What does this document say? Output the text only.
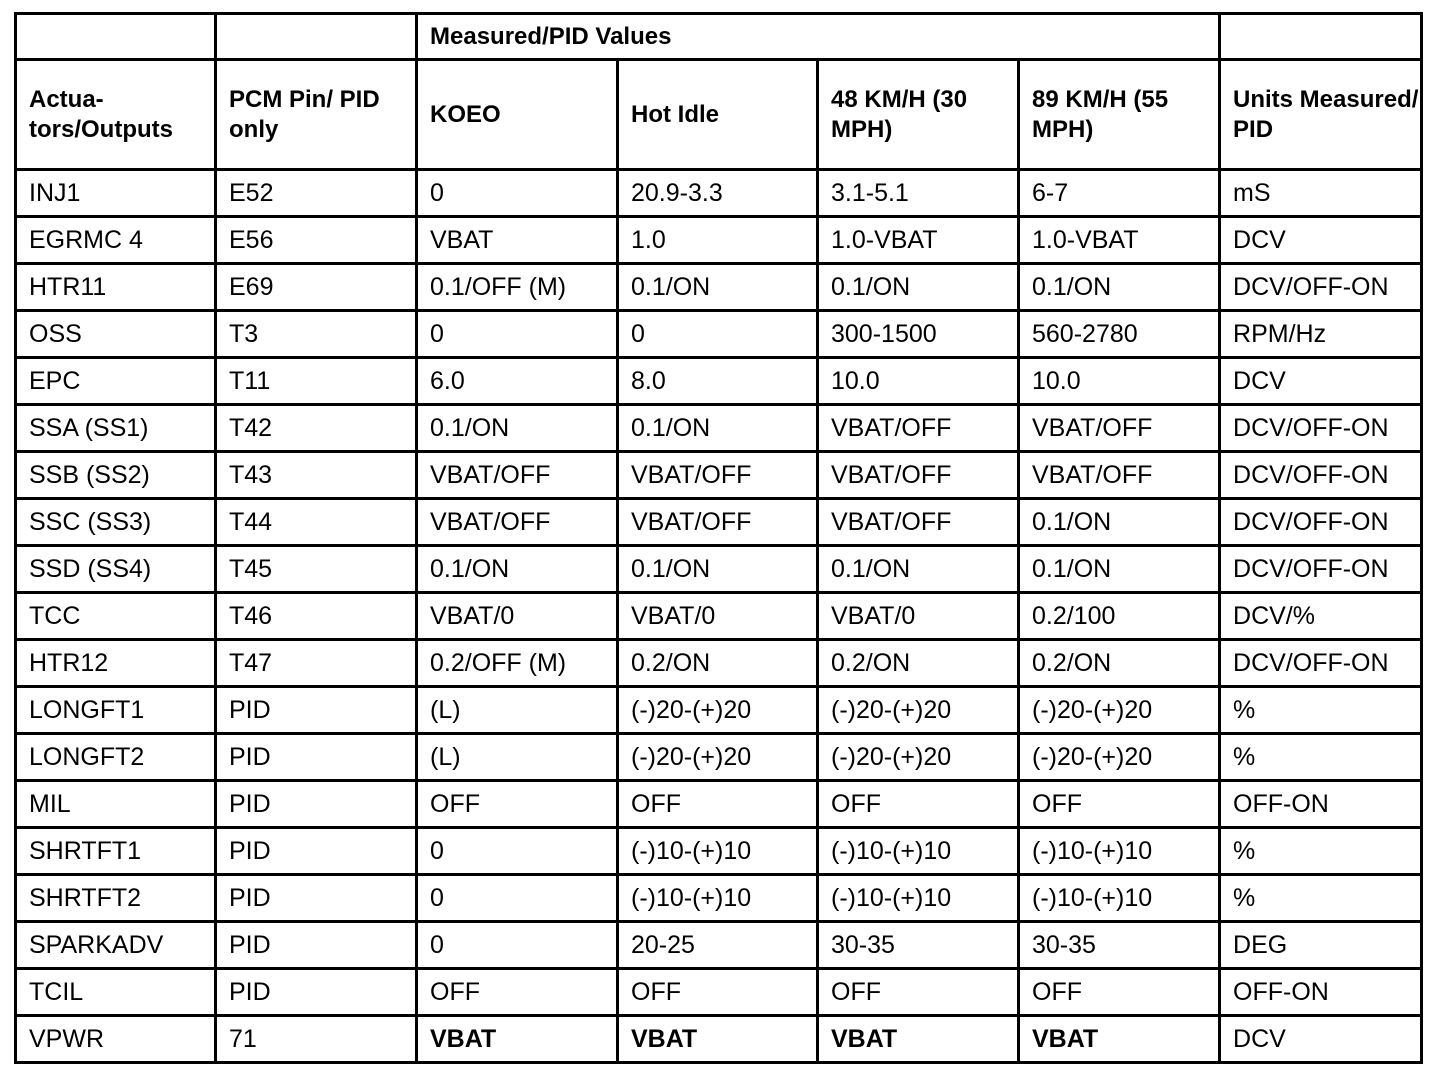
		Measured/PID Values				
Actua-
tors/Outputs	PCM Pin/ PID only	KOEO	Hot Idle	48 KM/H (30 MPH)	89 KM/H (55 MPH)	Units Measured/ PID
INJ1	E52	0	20.9-3.3	3.1-5.1	6-7	mS
EGRMC 4	E56	VBAT	1.0	1.0-VBAT	1.0-VBAT	DCV
HTR11	E69	0.1/OFF (M)	0.1/ON	0.1/ON	0.1/ON	DCV/OFF-ON
OSS	T3	0	0	300-1500	560-2780	RPM/Hz
EPC	T11	6.0	8.0	10.0	10.0	DCV
SSA (SS1)	T42	0.1/ON	0.1/ON	VBAT/OFF	VBAT/OFF	DCV/OFF-ON
SSB (SS2)	T43	VBAT/OFF	VBAT/OFF	VBAT/OFF	VBAT/OFF	DCV/OFF-ON
SSC (SS3)	T44	VBAT/OFF	VBAT/OFF	VBAT/OFF	0.1/ON	DCV/OFF-ON
SSD (SS4)	T45	0.1/ON	0.1/ON	0.1/ON	0.1/ON	DCV/OFF-ON
TCC	T46	VBAT/0	VBAT/0	VBAT/0	0.2/100	DCV/%
HTR12	T47	0.2/OFF (M)	0.2/ON	0.2/ON	0.2/ON	DCV/OFF-ON
LONGFT1	PID	(L)	(-)20-(+)20	(-)20-(+)20	(-)20-(+)20	%
LONGFT2	PID	(L)	(-)20-(+)20	(-)20-(+)20	(-)20-(+)20	%
MIL	PID	OFF	OFF	OFF	OFF	OFF-ON
SHRTFT1	PID	0	(-)10-(+)10	(-)10-(+)10	(-)10-(+)10	%
SHRTFT2	PID	0	(-)10-(+)10	(-)10-(+)10	(-)10-(+)10	%
SPARKADV	PID	0	20-25	30-35	30-35	DEG
TCIL	PID	OFF	OFF	OFF	OFF	OFF-ON
VPWR	71	VBAT	VBAT	VBAT	VBAT	DCV
